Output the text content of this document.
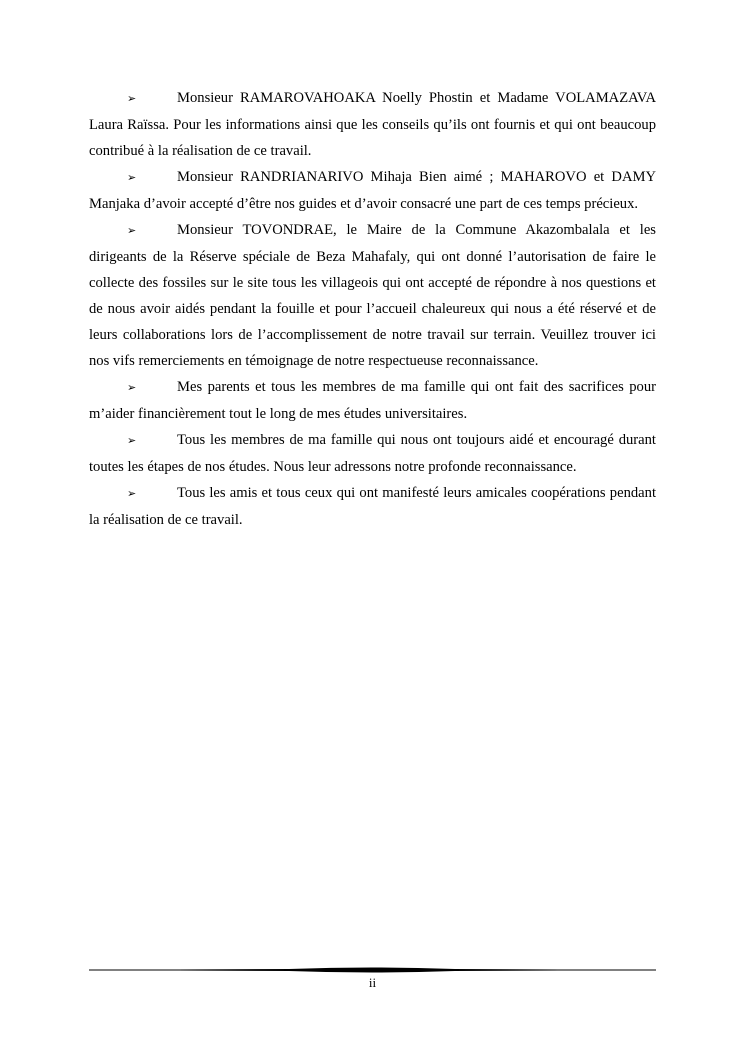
➢	Monsieur RAMAROVAHOAKA Noelly Phostin et Madame VOLAMAZAVA Laura Raïssa. Pour les informations ainsi que les conseils qu’ils ont fournis et qui ont beaucoup contribué à la réalisation de ce travail.

➢	Monsieur RANDRIANARIVO Mihaja Bien aimé ; MAHAROVO et DAMY Manjaka d’avoir accepté d’être nos guides et d’avoir consacré une part de ces temps précieux.

➢	Monsieur TOVONDRAE, le Maire de la Commune Akazombalala et les dirigeants de la Réserve spéciale de Beza Mahafaly, qui ont donné l’autorisation de faire le collecte des fossiles sur le site tous les villageois qui ont accepté de répondre à nos questions et de nous avoir aidés pendant la fouille et pour l’accueil chaleureux qui nous a été réservé et de leurs collaborations lors de l’accomplissement de notre travail sur terrain. Veuillez trouver ici nos vifs remerciements en témoignage de notre respectueuse reconnaissance.

➢	Mes parents et tous les membres de ma famille qui ont fait des sacrifices pour m’aider financièrement tout le long de mes études universitaires.

➢	Tous les membres de ma famille qui nous ont toujours aidé et encouragé durant toutes les étapes de nos études. Nous leur adressons notre profonde reconnaissance.

➢	Tous les amis et tous ceux qui ont manifesté leurs amicales coopérations pendant la réalisation de ce travail.

ii
